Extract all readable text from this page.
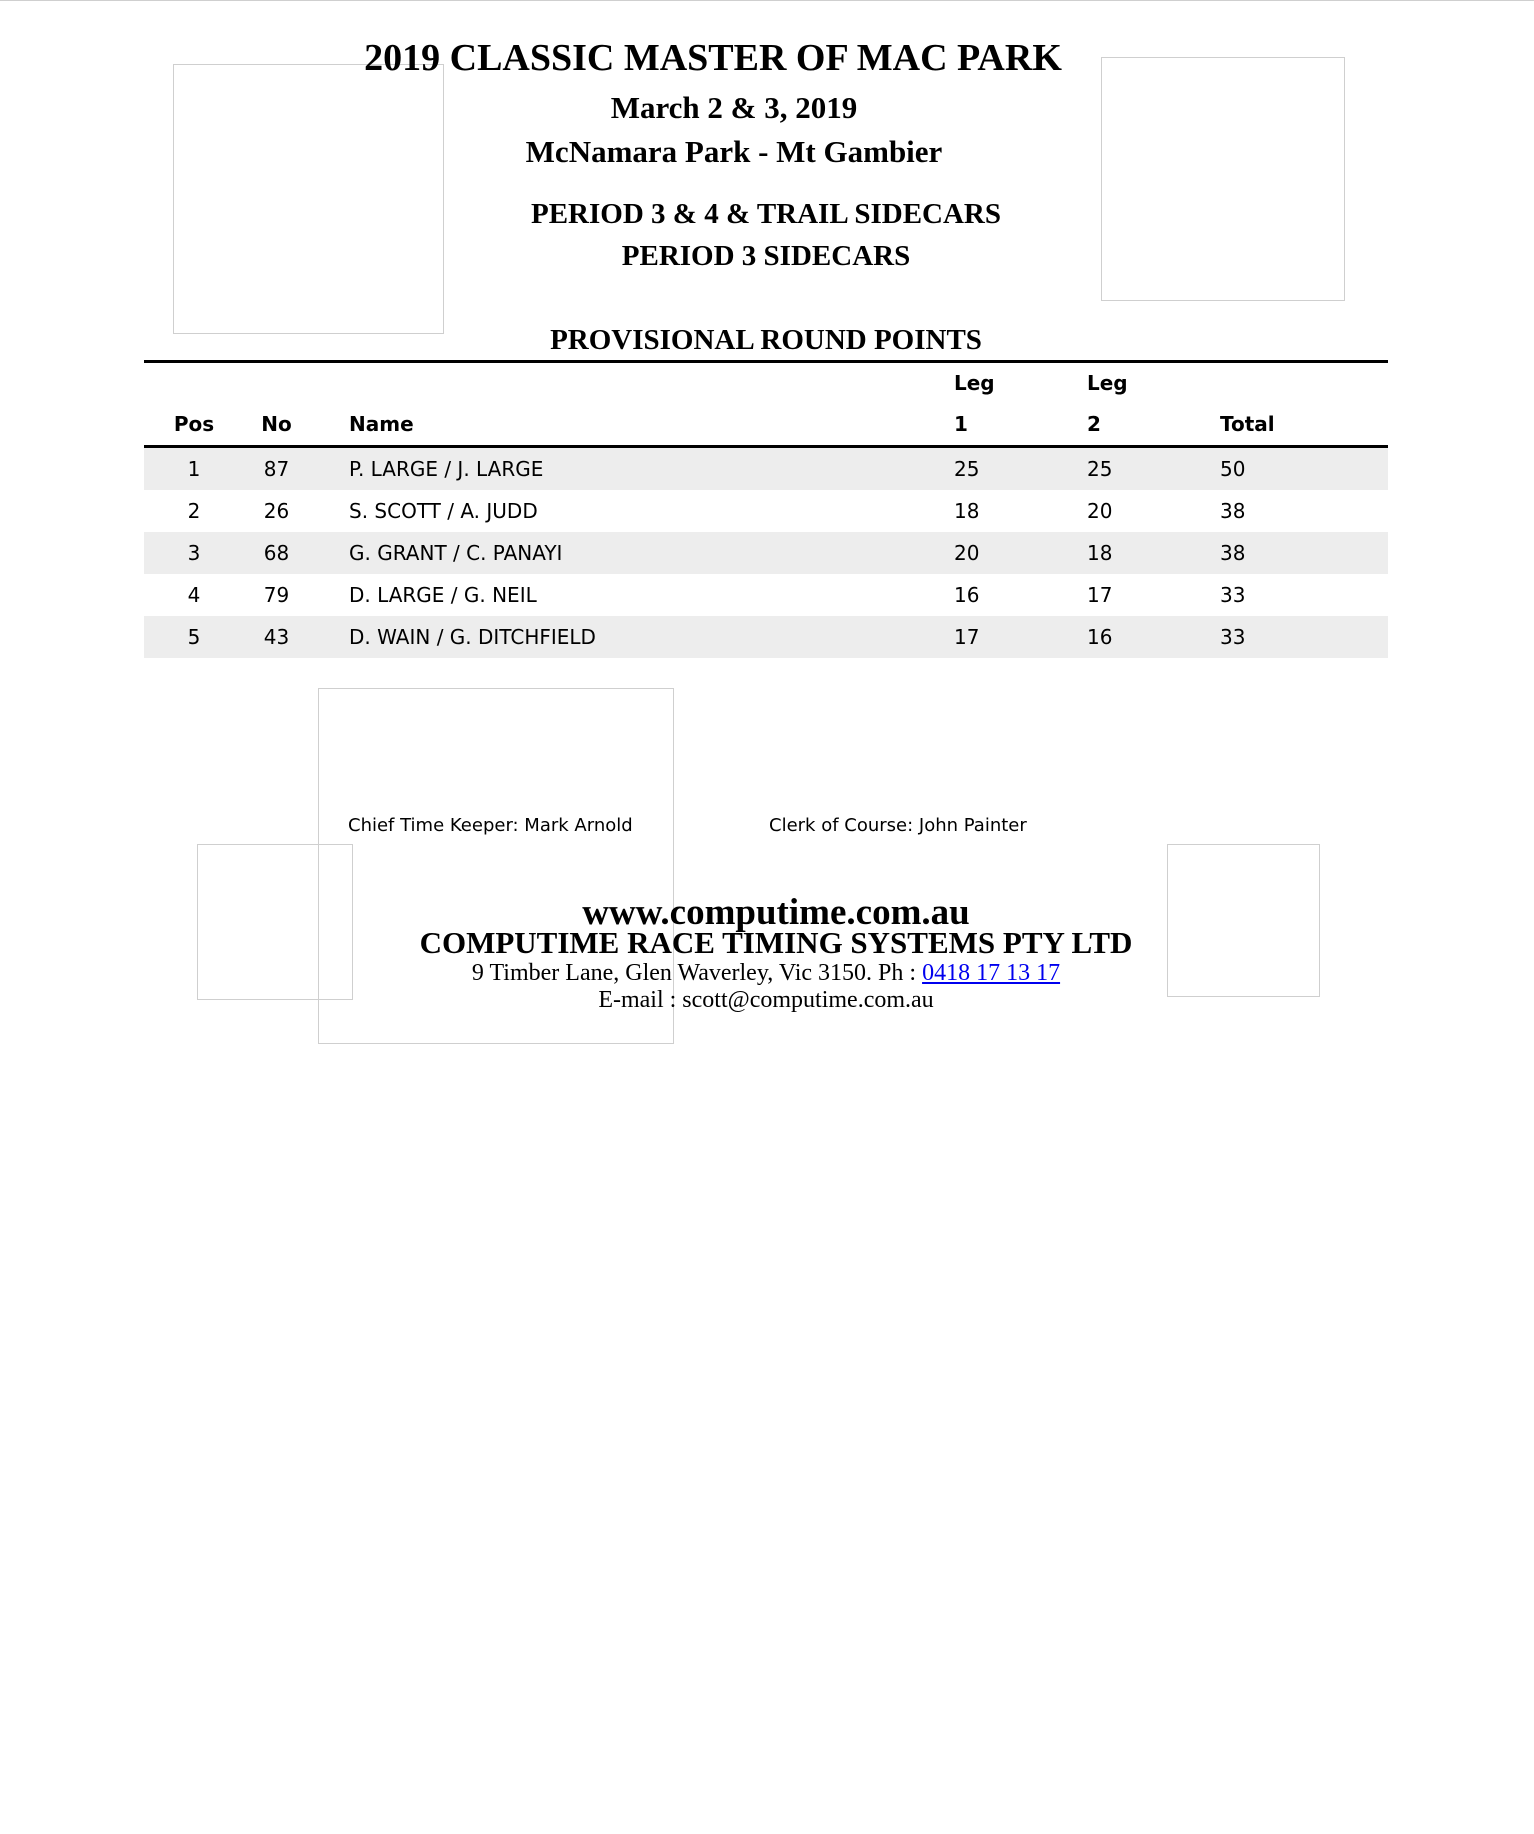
2019 CLASSIC MASTER OF MAC PARK
March 2 & 3, 2019
McNamara Park - Mt Gambier
PERIOD 3 & 4 & TRAIL SIDECARS
PERIOD 3 SIDECARS
PROVISIONAL ROUND POINTS

				Leg	Leg	
Pos	No		Name	1	2	Total
1	87		P. LARGE / J. LARGE	25	25	50
2	26		S. SCOTT / A. JUDD	18	20	38
3	68		G. GRANT / C. PANAYI	20	18	38
4	79		D. LARGE / G. NEIL	16	17	33
5	43		D. WAIN / G. DITCHFIELD	17	16	33
Chief Time Keeper: Mark Arnold	Clerk of Course: John Painter
www.computime.com.au
COMPUTIME RACE TIMING SYSTEMS PTY LTD
9 Timber Lane, Glen Waverley, Vic 3150. Ph : 0418 17 13 17
E-mail : scott@computime.com.au
